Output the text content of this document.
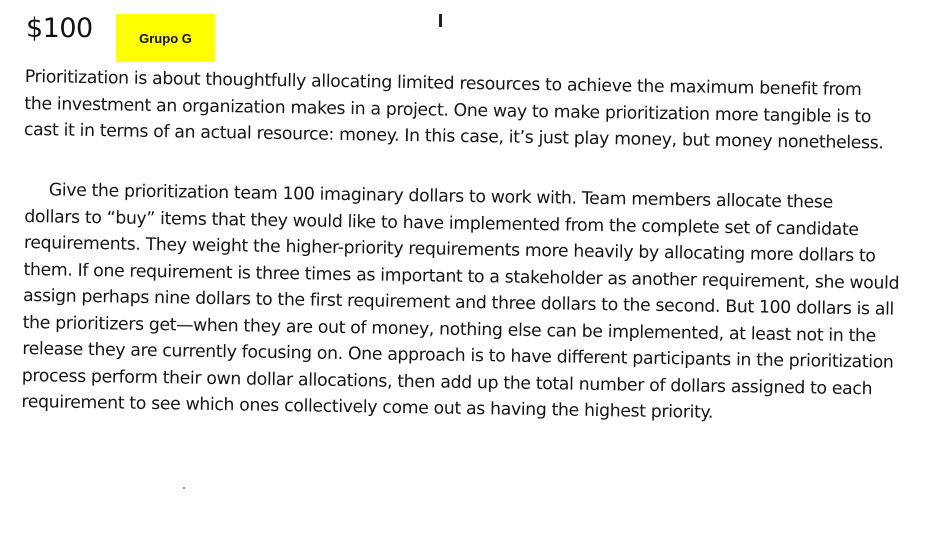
$100	Grupo G
Prioritization is about thoughtfully allocating limited resources to achieve the maximum benefit from
the investment an organization makes in a project. One way to make prioritization more tangible is to
cast it in terms of an actual resource: money. In this case, it’s just play money, but money nonetheless.
Give the prioritization team 100 imaginary dollars to work with. Team members allocate these
dollars to “buy” items that they would like to have implemented from the complete set of candidate
requirements. They weight the higher-priority requirements more heavily by allocating more dollars to
them. If one requirement is three times as important to a stakeholder as another requirement, she would
assign perhaps nine dollars to the first requirement and three dollars to the second. But 100 dollars is all
the prioritizers get—when they are out of money, nothing else can be implemented, at least not in the
release they are currently focusing on. One approach is to have different participants in the prioritization
process perform their own dollar allocations, then add up the total number of dollars assigned to each
requirement to see which ones collectively come out as having the highest priority.
